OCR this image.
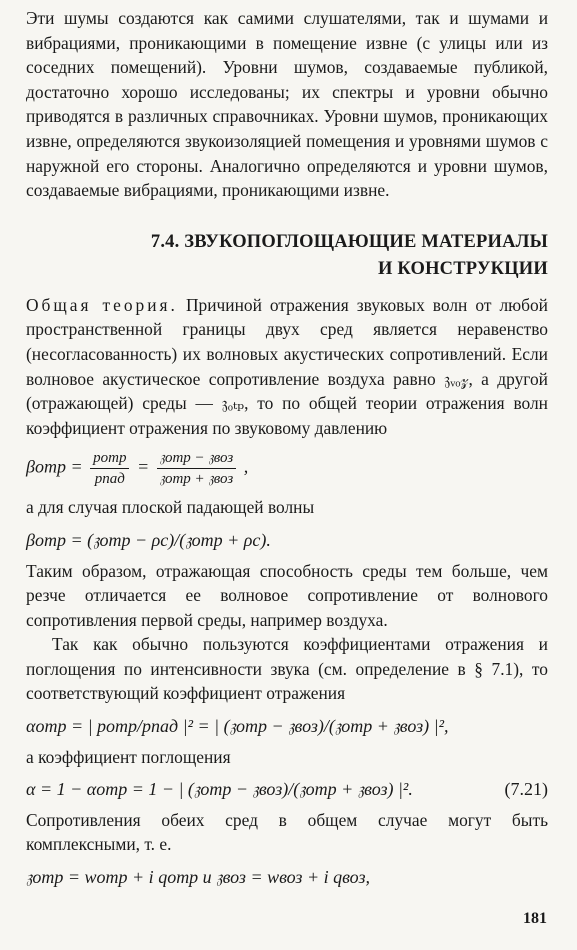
Эти шумы создаются как самими слушателями, так и шумами и вибрациями, проникающими в помещение извне (с улицы или из соседних помещений). Уровни шумов, создаваемые публикой, достаточно хорошо исследованы; их спектры и уровни обычно приводятся в различных справочниках. Уровни шумов, проникающих извне, определяются звукоизоляцией помещения и уровнями шумов с наружной его стороны. Аналогично определяются и уровни шумов, создаваемые вибрациями, проникающими извне.

7.4. ЗВУКОПОГЛОЩАЮЩИЕ МАТЕРИАЛЫ
И КОНСТРУКЦИИ

Общая теория. Причиной отражения звуковых волн от любой пространственной границы двух сред является неравенство (несогласованность) их волновых акустических сопротивлений. Если волновое акустическое сопротивление воздуха равно 𝔷ᵥₒ𝓏, а другой (отражающей) среды — 𝔷ₒₜₚ, то по общей теории отражения волн коэффициент отражения по звуковому давлению

$\beta отр = \frac{\text{pотр}}{\text{pпад}} = \frac{\text{𝔷отр − 𝔷воз}}{\text{𝔷отр + 𝔷воз}}$ ,

а для случая плоской падающей волны

βотр = (𝔷отр − ρc)/(𝔷отр + ρc).

Таким образом, отражающая способность среды тем больше, чем резче отличается ее волновое сопротивление от волнового сопротивления первой среды, например воздуха.

Так как обычно пользуются коэффициентами отражения и поглощения по интенсивности звука (см. определение в § 7.1), то соответствующий коэффициент отражения

αотр = | pотр/pпад |² = | (𝔷отр − 𝔷воз)/(𝔷отр + 𝔷воз) |²,

а коэффициент поглощения

α = 1 − αотр = 1 − | (𝔷отр − 𝔷воз)/(𝔷отр + 𝔷воз) |².	(7.21)

Сопротивления обеих сред в общем случае могут быть комплексными, т. е.

𝔷отр = wотр + i qотр и 𝔷воз = wвоз + i qвоз,
181
